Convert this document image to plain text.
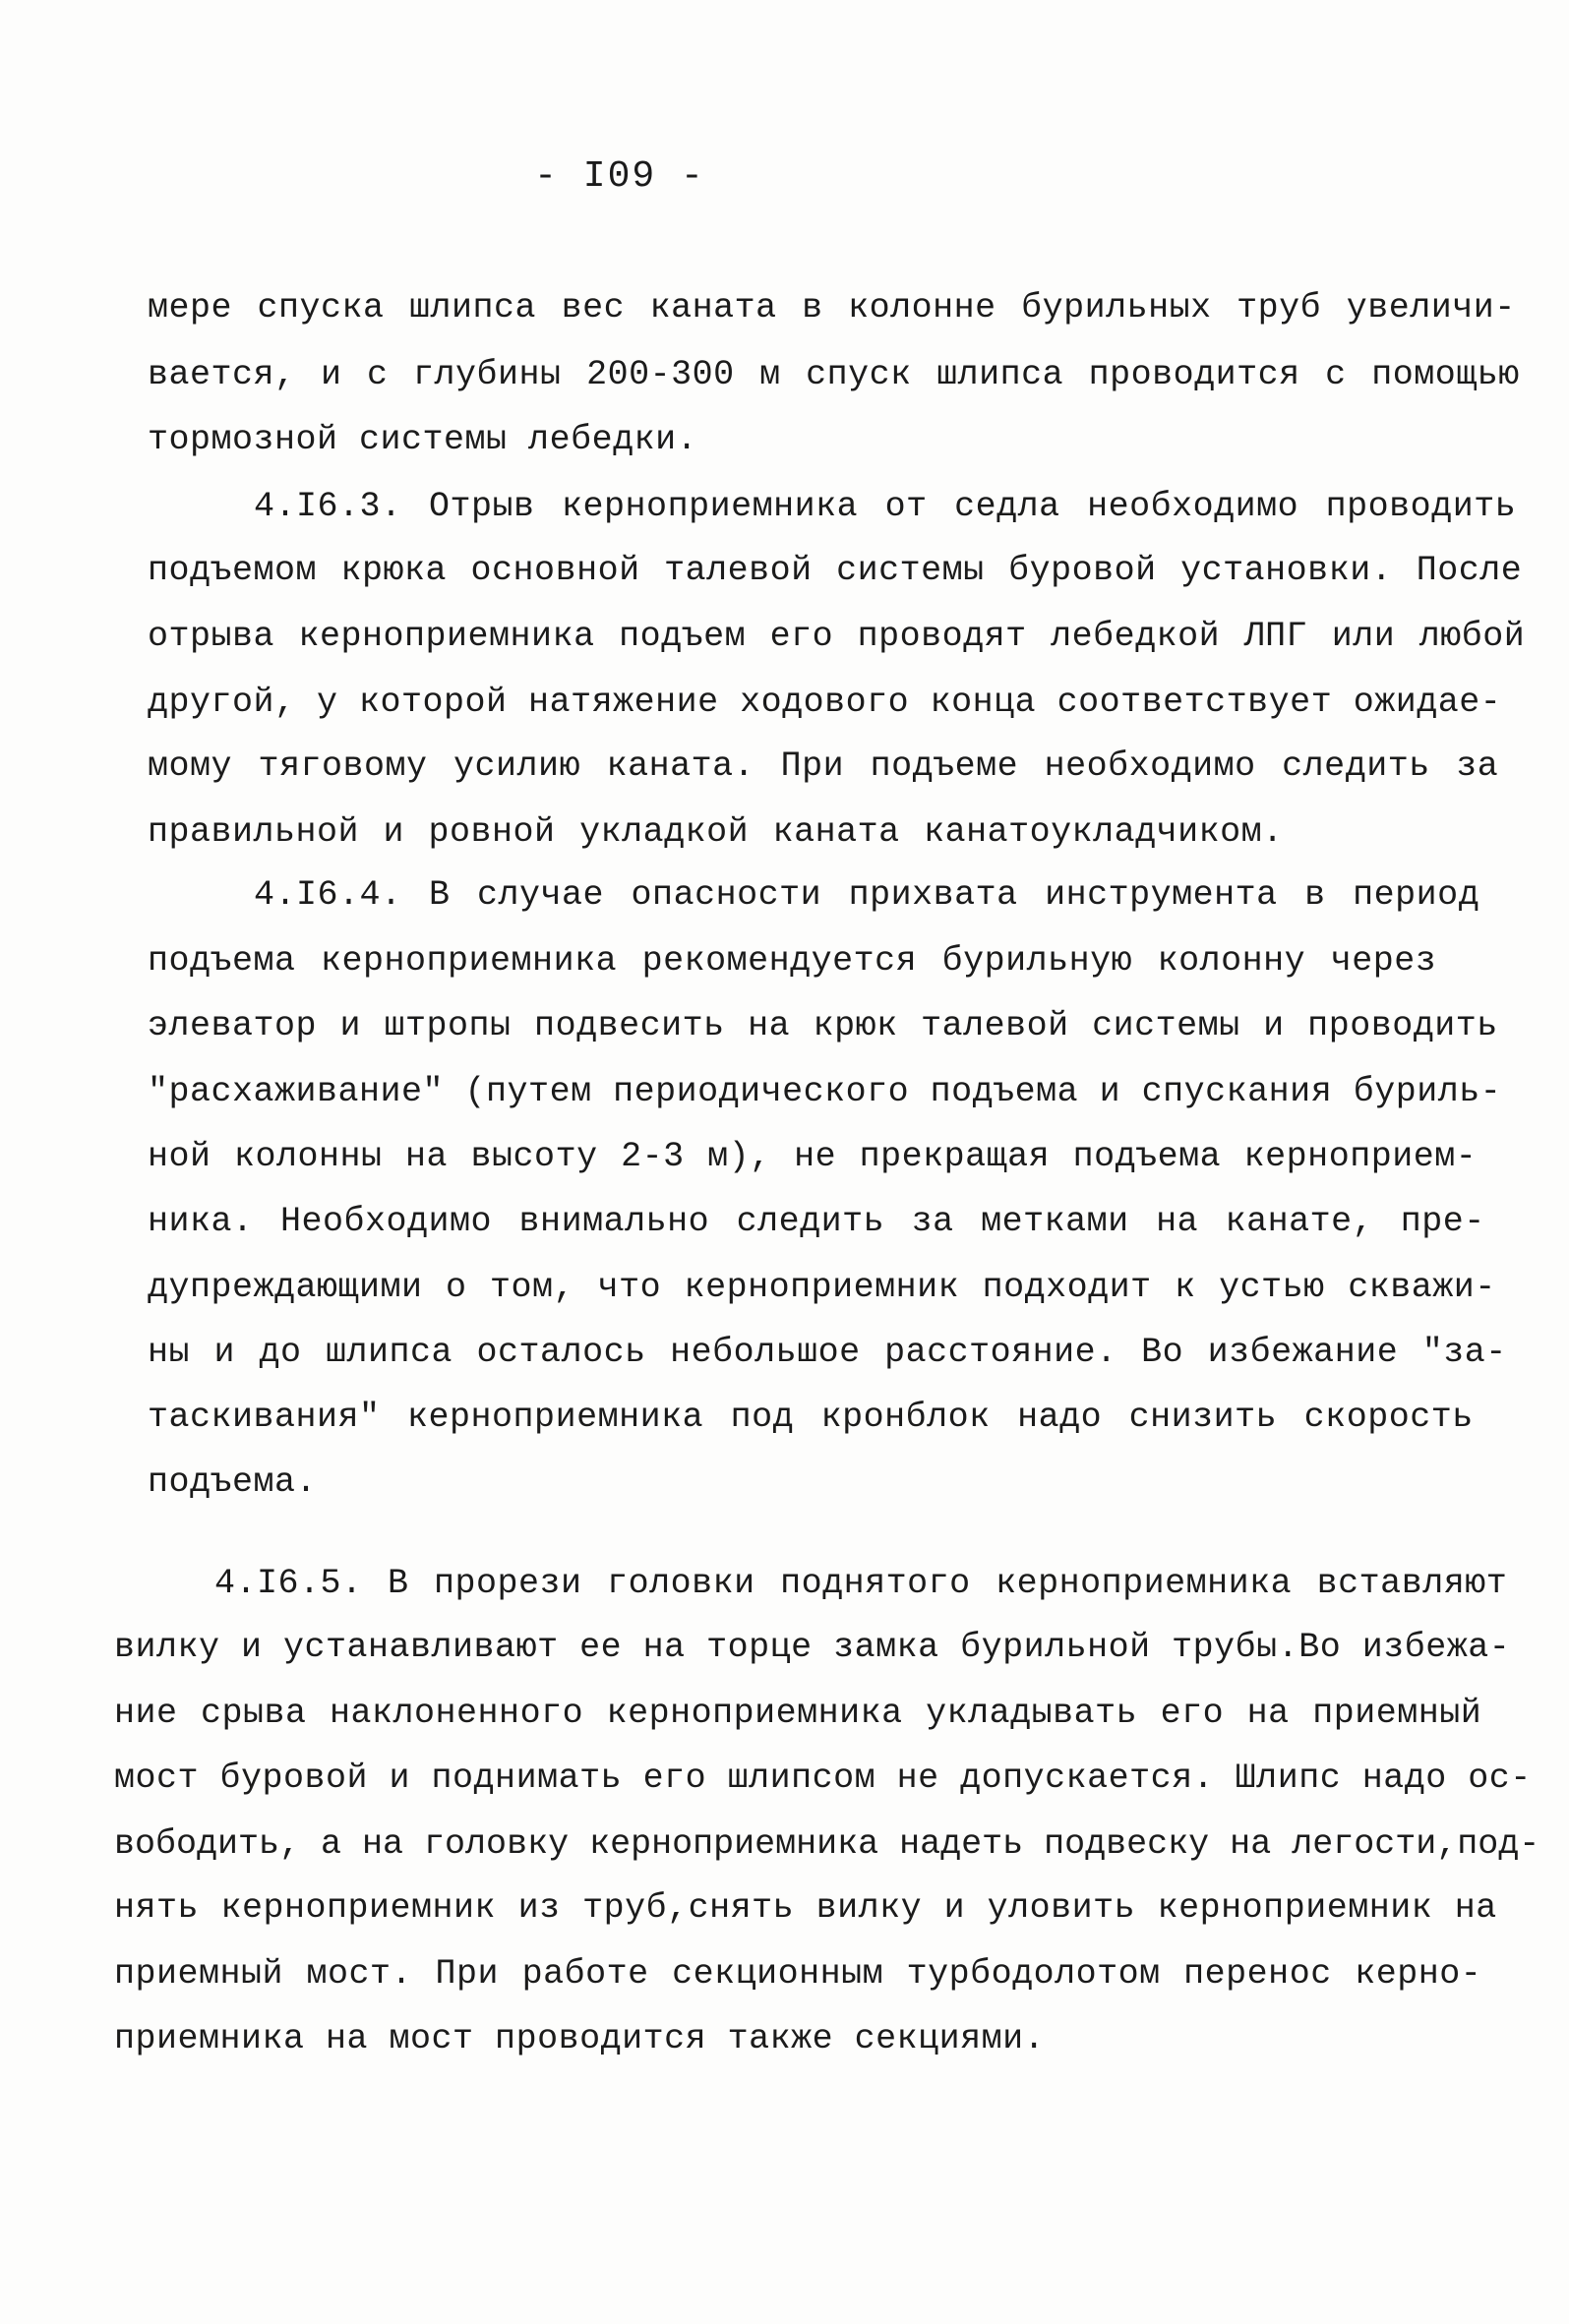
- I09 -
мере спуска шлипса вес каната в колонне бурильных труб увеличи-
вается, и с глубины 200-300 м спуск шлипса проводится с помощью
тормозной системы лебедки.
4.I6.3. Отрыв керноприемника от седла необходимо проводить
подъемом крюка основной талевой системы буровой установки. После
отрыва керноприемника подъем его проводят лебедкой ЛПГ или любой
другой, у которой натяжение ходового конца соответствует ожидае-
мому тяговому усилию каната. При подъеме необходимо следить за
правильной и ровной укладкой каната канатоукладчиком.
4.I6.4. В случае опасности прихвата инструмента в период
подъема керноприемника рекомендуется бурильную колонну через
элеватор и штропы подвесить на крюк талевой системы и проводить
"расхаживание" (путем периодического подъема и спускания буриль-
ной колонны на высоту 2-3 м), не прекращая подъема керноприем-
ника. Необходимо внимально следить за метками на канате, пре-
дупреждающими о том, что керноприемник подходит к устью скважи-
ны и до шлипса осталось небольшое расстояние. Во избежание "за-
таскивания" керноприемника под кронблок надо снизить скорость
подъема.
4.I6.5. В прорези головки поднятого керноприемника вставляют
вилку и устанавливают ее на торце замка бурильной трубы.Во избежа-
ние срыва наклоненного керноприемника укладывать его на приемный
мост буровой и поднимать его шлипсом не допускается. Шлипс надо ос-
вободить, а на головку керноприемника надеть подвеску на легости,под-
нять керноприемник из труб,снять вилку и уловить керноприемник на
приемный мост. При работе секционным турбодолотом перенос керно-
приемника на мост проводится также секциями.
